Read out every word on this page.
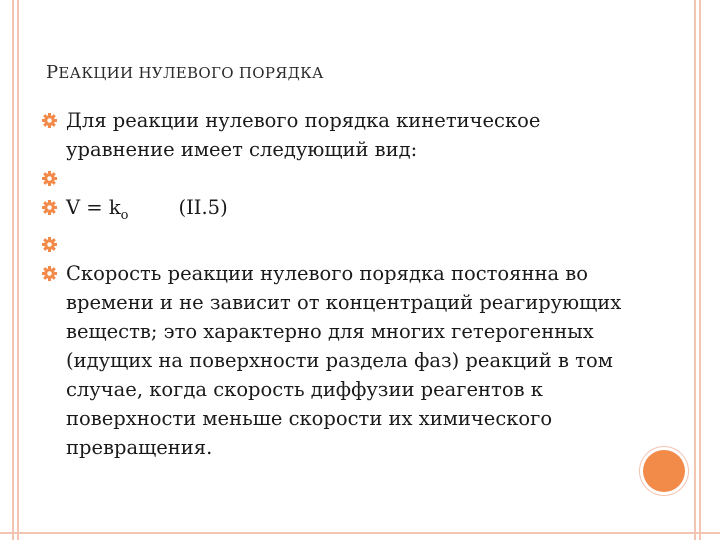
РЕАКЦИИ НУЛЕВОГО ПОРЯДКА
Для реакции нулевого порядка кинетическое уравнение имеет следующий вид:
$V = k_o$	(II.5)
Скорость реакции нулевого порядка постоянна во времени и не зависит от концентраций реагирующих веществ; это характерно для многих гетерогенных (идущих на поверхности раздела фаз) реакций в том случае, когда скорость диффузии реагентов к поверхности меньше скорости их химического превращения.
